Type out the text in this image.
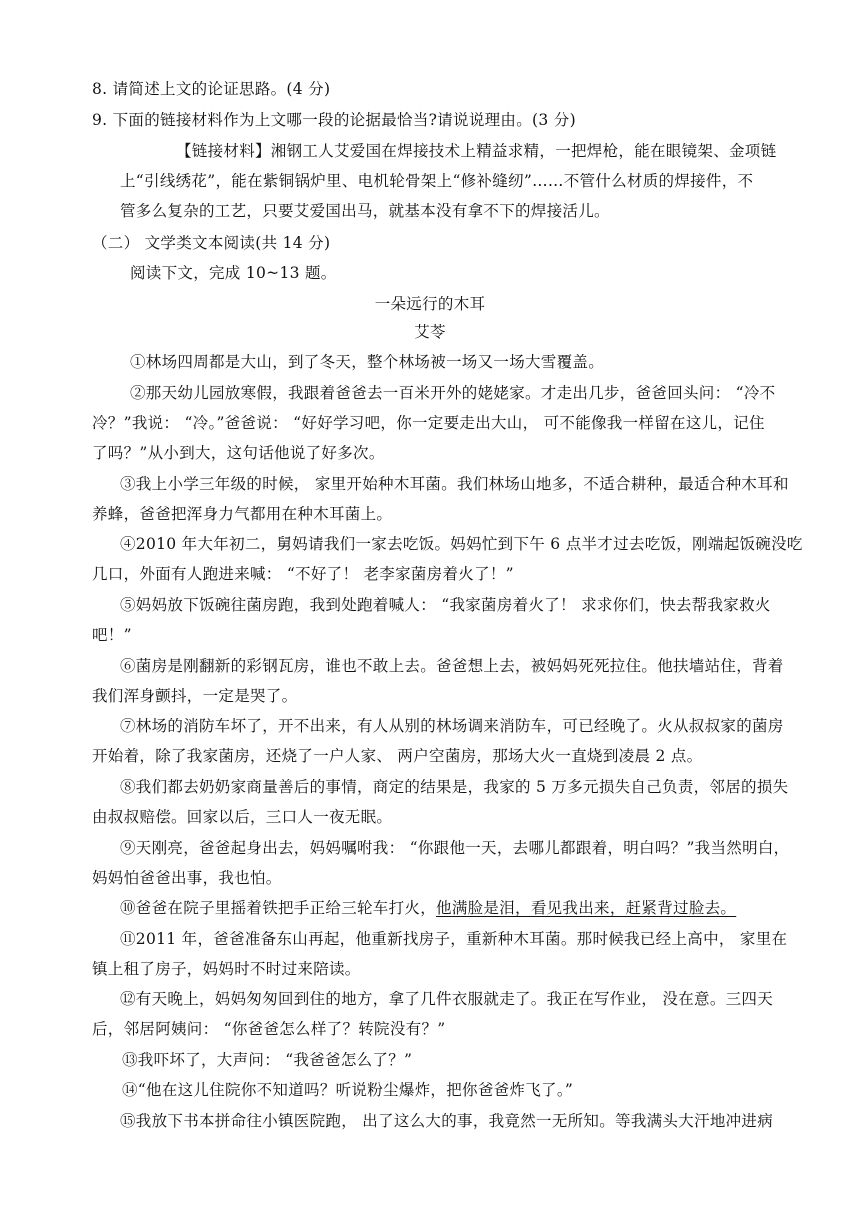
8. 请简述上文的论证思路。(4 分)
9. 下面的链接材料作为上文哪一段的论据最恰当?请说说理由。(3 分)
【链接材料】湘钢工人艾爱国在焊接技术上精益求精，一把焊枪，能在眼镜架、金项链
上“引线绣花”，能在紫铜锅炉里、电机轮骨架上“修补缝纫”……不管什么材质的焊接件，不
管多么复杂的工艺，只要艾爱国出马，就基本没有拿不下的焊接活儿。
（二） 文学类文本阅读(共 14 分)
阅读下文，完成 10~13 题。
一朵远行的木耳
艾苓
①林场四周都是大山，到了冬天，整个林场被一场又一场大雪覆盖。
②那天幼儿园放寒假，我跟着爸爸去一百米开外的姥姥家。才走出几步，爸爸回头问： “冷不
冷？”我说： “冷。”爸爸说： “好好学习吧，你一定要走出大山， 可不能像我一样留在这儿，记住
了吗？”从小到大，这句话他说了好多次。
③我上小学三年级的时候， 家里开始种木耳菌。我们林场山地多，不适合耕种，最适合种木耳和
养蜂，爸爸把浑身力气都用在种木耳菌上。
④2010 年大年初二，舅妈请我们一家去吃饭。妈妈忙到下午 6 点半才过去吃饭，刚端起饭碗没吃
几口，外面有人跑进来喊： “不好了！ 老李家菌房着火了！”
⑤妈妈放下饭碗往菌房跑，我到处跑着喊人： “我家菌房着火了！ 求求你们，快去帮我家救火
吧！”
⑥菌房是刚翻新的彩钢瓦房，谁也不敢上去。爸爸想上去，被妈妈死死拉住。他扶墙站住，背着
我们浑身颤抖，一定是哭了。
⑦林场的消防车坏了，开不出来，有人从别的林场调来消防车，可已经晚了。火从叔叔家的菌房
开始着，除了我家菌房，还烧了一户人家、 两户空菌房，那场大火一直烧到凌晨 2 点。
⑧我们都去奶奶家商量善后的事情，商定的结果是，我家的 5 万多元损失自己负责，邻居的损失
由叔叔赔偿。回家以后，三口人一夜无眠。
⑨天刚亮，爸爸起身出去，妈妈嘱咐我： “你跟他一天，去哪儿都跟着，明白吗？”我当然明白，
妈妈怕爸爸出事，我也怕。
⑩爸爸在院子里摇着铁把手正给三轮车打火，他满脸是泪，看见我出来，赶紧背过脸去。
⑪2011 年，爸爸准备东山再起，他重新找房子，重新种木耳菌。那时候我已经上高中， 家里在
镇上租了房子，妈妈时不时过来陪读。
⑫有天晚上，妈妈匆匆回到住的地方，拿了几件衣服就走了。我正在写作业， 没在意。三四天
后，邻居阿姨问： “你爸爸怎么样了？转院没有？”
⑬我吓坏了，大声问： “我爸爸怎么了？”
⑭“他在这儿住院你不知道吗？听说粉尘爆炸，把你爸爸炸飞了。”
⑮我放下书本拼命往小镇医院跑， 出了这么大的事，我竟然一无所知。等我满头大汗地冲进病
